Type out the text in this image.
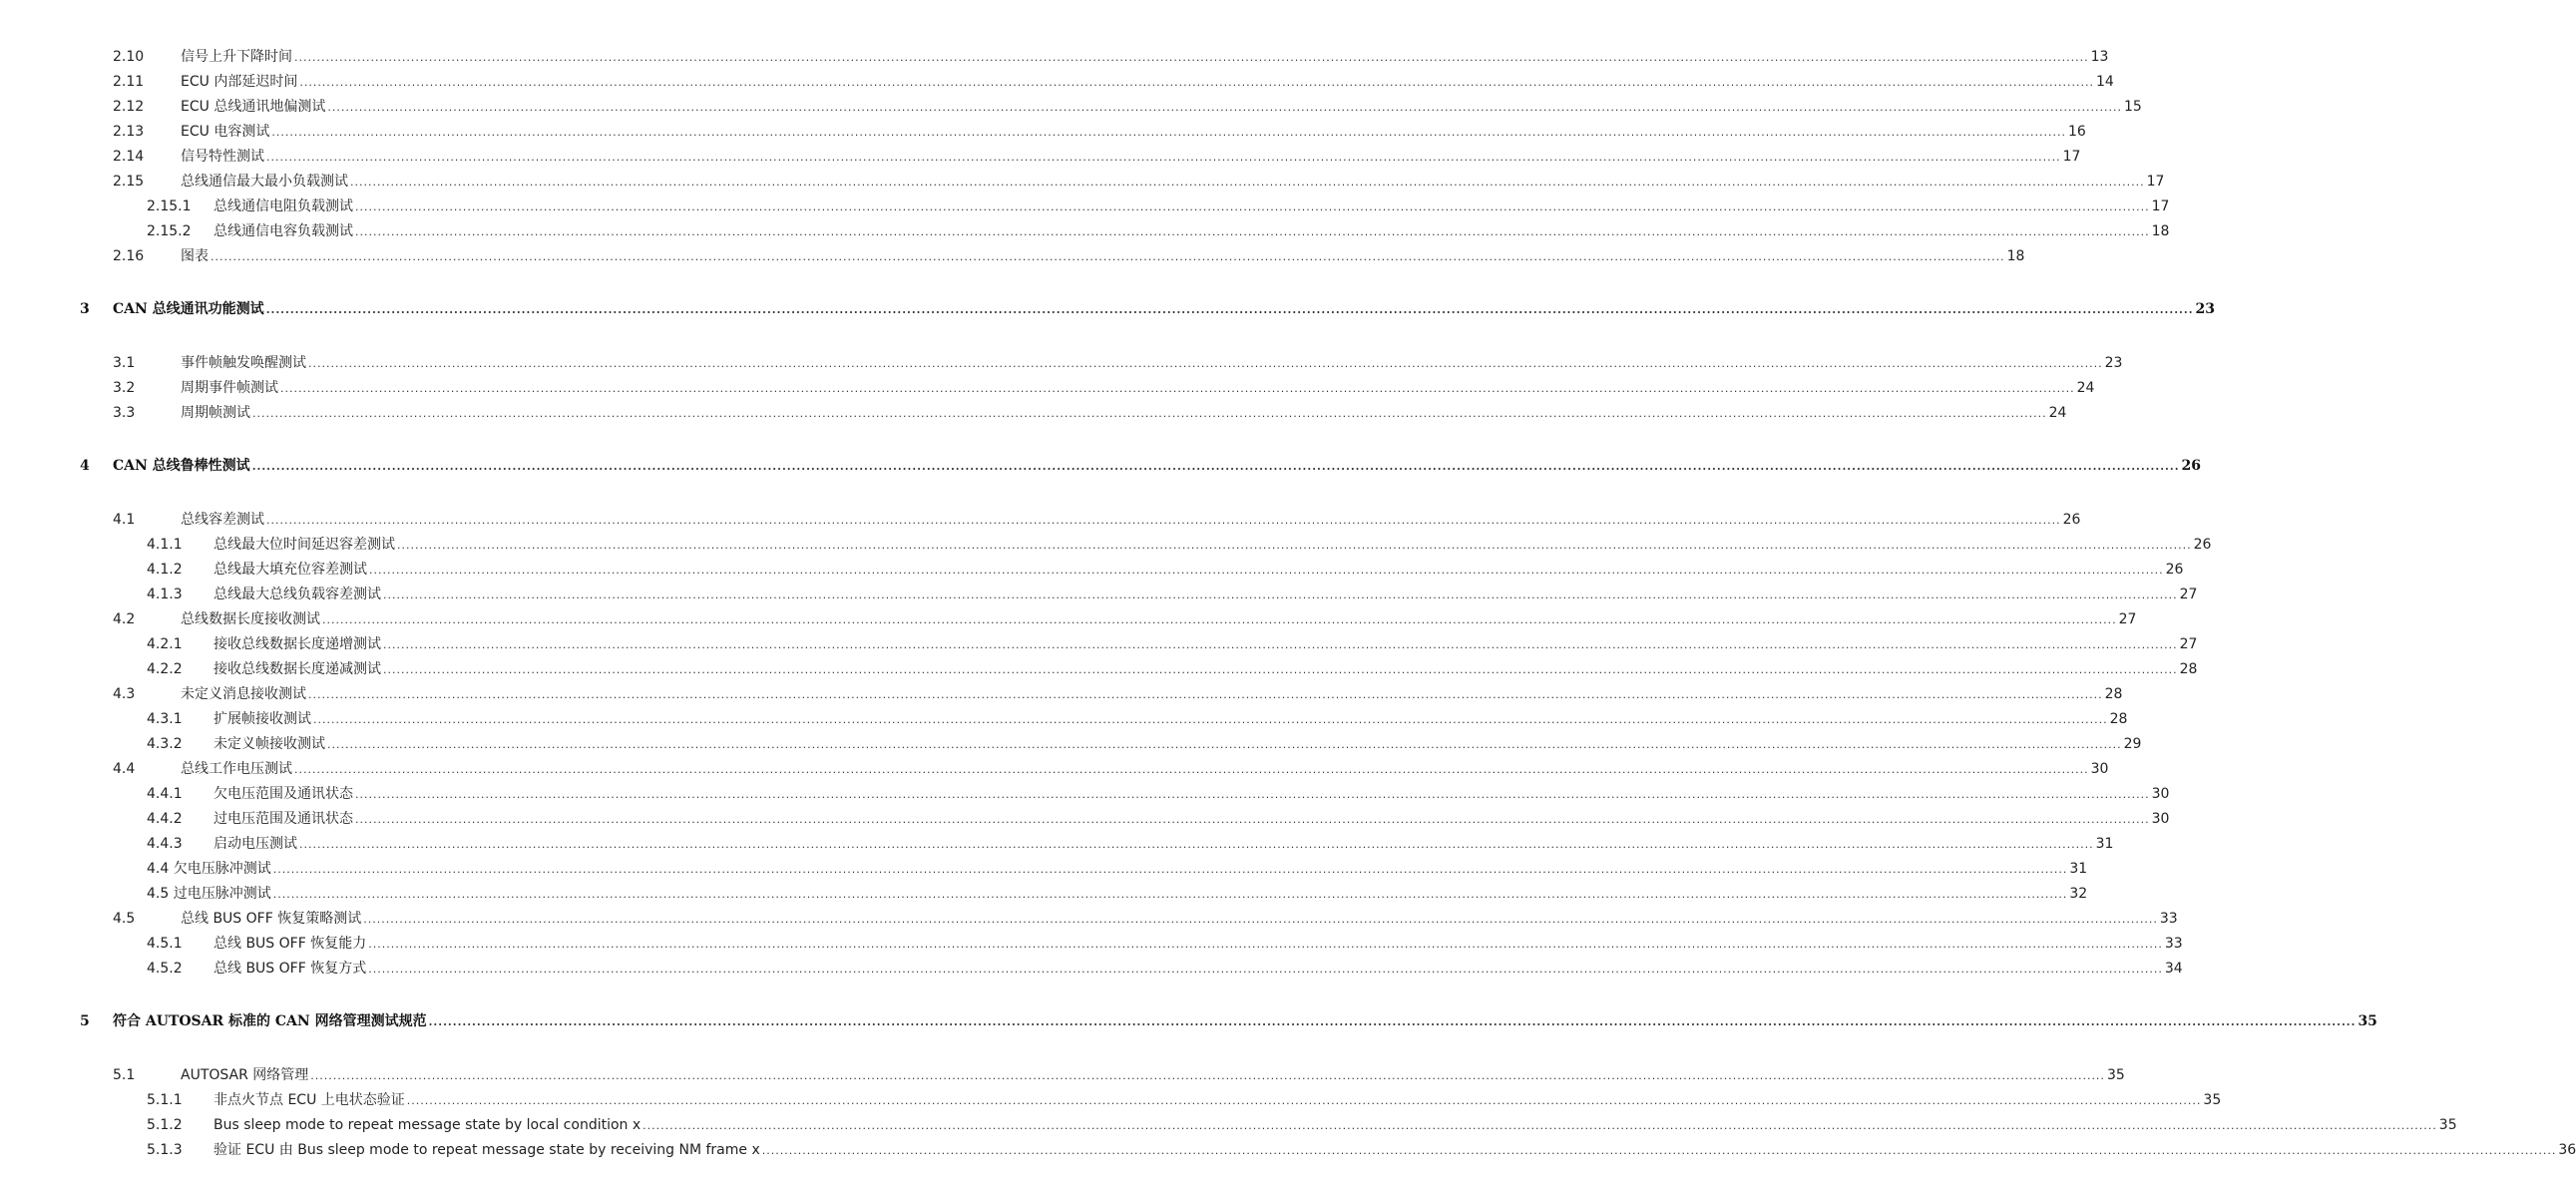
2.10	信号上升下降时间 ................................................................................................................................................................................................................................................................................................................................................................................................................ 13
2.11	ECU 内部延迟时间 ................................................................................................................................................................................................................................................................................................................................................................................................................ 14
2.12	ECU 总线通讯地偏测试 ................................................................................................................................................................................................................................................................................................................................................................................................................ 15
2.13	ECU 电容测试 ................................................................................................................................................................................................................................................................................................................................................................................................................ 16
2.14	信号特性测试 ................................................................................................................................................................................................................................................................................................................................................................................................................ 17
2.15	总线通信最大最小负载测试 ................................................................................................................................................................................................................................................................................................................................................................................................................ 17
2.15.1 总线通信电阻负载测试 ................................................................................................................................................................................................................................................................................................................................................................................................................ 17
2.15.2 总线通信电容负载测试 ................................................................................................................................................................................................................................................................................................................................................................................................................ 18
2.16	图表 ................................................................................................................................................................................................................................................................................................................................................................................................................ 18
3 CAN 总线通讯功能测试 ................................................................................................................................................................................................................................................................................................................................................................................................................ 23
3.1	事件帧触发唤醒测试 ................................................................................................................................................................................................................................................................................................................................................................................................................ 23
3.2	周期事件帧测试 ................................................................................................................................................................................................................................................................................................................................................................................................................ 24
3.3	周期帧测试 ................................................................................................................................................................................................................................................................................................................................................................................................................ 24
4 CAN 总线鲁棒性测试 ................................................................................................................................................................................................................................................................................................................................................................................................................ 26
4.1	总线容差测试 ................................................................................................................................................................................................................................................................................................................................................................................................................ 26
4.1.1 总线最大位时间延迟容差测试 ................................................................................................................................................................................................................................................................................................................................................................................................................ 26
4.1.2 总线最大填充位容差测试 ................................................................................................................................................................................................................................................................................................................................................................................................................ 26
4.1.3 总线最大总线负载容差测试 ................................................................................................................................................................................................................................................................................................................................................................................................................ 27
4.2	总线数据长度接收测试 ................................................................................................................................................................................................................................................................................................................................................................................................................ 27
4.2.1 接收总线数据长度递增测试 ................................................................................................................................................................................................................................................................................................................................................................................................................ 27
4.2.2 接收总线数据长度递减测试 ................................................................................................................................................................................................................................................................................................................................................................................................................ 28
4.3	未定义消息接收测试 ................................................................................................................................................................................................................................................................................................................................................................................................................ 28
4.3.1 扩展帧接收测试 ................................................................................................................................................................................................................................................................................................................................................................................................................ 28
4.3.2 未定义帧接收测试 ................................................................................................................................................................................................................................................................................................................................................................................................................ 29
4.4	总线工作电压测试 ................................................................................................................................................................................................................................................................................................................................................................................................................ 30
4.4.1 欠电压范围及通讯状态 ................................................................................................................................................................................................................................................................................................................................................................................................................ 30
4.4.2 过电压范围及通讯状态 ................................................................................................................................................................................................................................................................................................................................................................................................................ 30
4.4.3 启动电压测试 ................................................................................................................................................................................................................................................................................................................................................................................................................ 31
4.4 欠电压脉冲测试 ................................................................................................................................................................................................................................................................................................................................................................................................................ 31
4.5 过电压脉冲测试 ................................................................................................................................................................................................................................................................................................................................................................................................................ 32
4.5	总线 BUS OFF 恢复策略测试 ................................................................................................................................................................................................................................................................................................................................................................................................................ 33
4.5.1 总线 BUS OFF 恢复能力 ................................................................................................................................................................................................................................................................................................................................................................................................................ 33
4.5.2 总线 BUS OFF 恢复方式 ................................................................................................................................................................................................................................................................................................................................................................................................................ 34
5 符合 AUTOSAR 标准的 CAN 网络管理测试规范 ................................................................................................................................................................................................................................................................................................................................................................................................................ 35
5.1	AUTOSAR 网络管理 ................................................................................................................................................................................................................................................................................................................................................................................................................ 35
5.1.1 非点火节点 ECU 上电状态验证 ................................................................................................................................................................................................................................................................................................................................................................................................................ 35
5.1.2 Bus sleep mode to repeat message state by local condition x ................................................................................................................................................................................................................................................................................................................................................................................................................ 35
5.1.3 验证 ECU 由 Bus sleep mode to repeat message state by receiving NM frame x ................................................................................................................................................................................................................................................................................................................................................................................................................ 36
